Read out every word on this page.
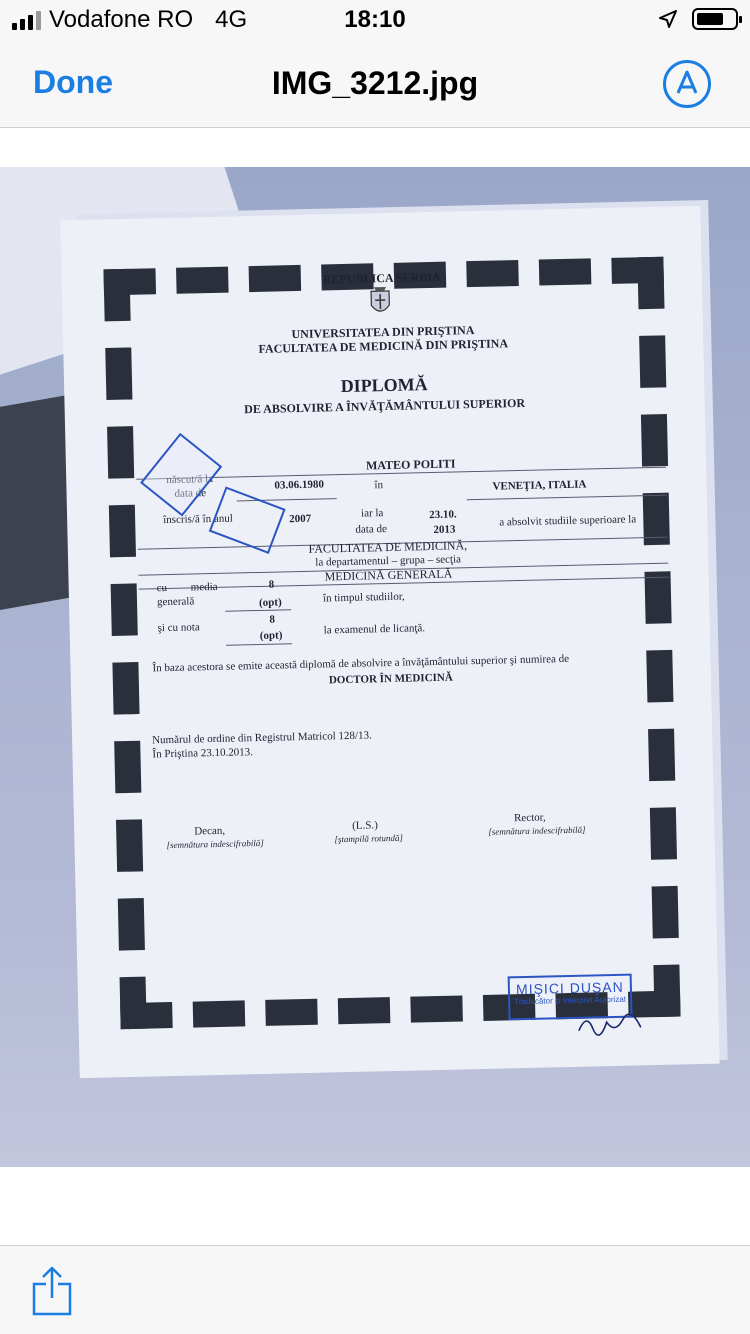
Vodafone RO 4G	18:10
Done	IMG_3212.jpg
REPUBLICA SERBIA
UNIVERSITATEA DIN PRIŞTINA
FACULTATEA DE MEDICINĂ DIN PRIŞTINA
DIPLOMĂ
DE ABSOLVIRE A ÎNVĂŢĂMÂNTULUI SUPERIOR
MATEO POLITI
născut/ă la
data de
03.06.1980	în	VENEŢIA, ITALIA
înscris/ă în anul	2007	iar la	23.10.
data de	2013
a absolvit studiile superioare la
FACULTATEA DE MEDICINĂ,
la departamentul – grupa – secţia
MEDICINĂ GENERALĂ
cu media
generală
8
(opt)	în timpul studiilor,
şi cu nota
8
(opt)	la examenul de licanţă.
În baza acestora se emite această diplomă de absolvire a învăţământului superior şi numirea de
DOCTOR ÎN MEDICINĂ
Numărul de ordine din Registrul Matricol 128/13.
În Priştina 23.10.2013.
Decan,
[semnătura indescifrabilă]
(L.S.)
[ştampilă rotundă]
Rector,
[semnătura indescifrabilă]
MIŞICI DUŞAN
Traducător şi Interpret Autorizat
